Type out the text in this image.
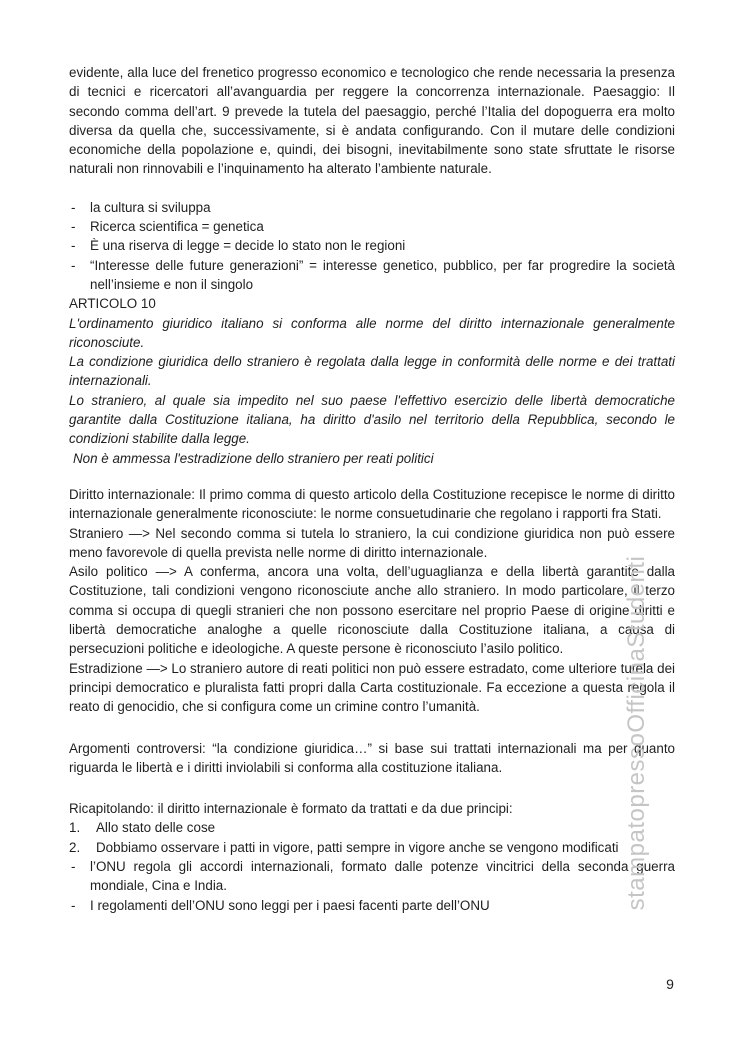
evidente, alla luce del frenetico progresso economico e tecnologico che rende necessaria la presenza di tecnici e ricercatori all’avanguardia per reggere la concorrenza internazionale. Paesaggio: Il secondo comma dell’art. 9 prevede la tutela del paesaggio, perché l’Italia del dopoguerra era molto diversa da quella che, successivamente, si è andata configurando. Con il mutare delle condizioni economiche della popolazione e, quindi, dei bisogni, inevitabilmente sono state sfruttate le risorse naturali non rinnovabili e l’inquinamento ha alterato l’ambiente naturale.

-	la cultura si sviluppa
-	Ricerca scientifica = genetica
-	È una riserva di legge = decide lo stato non le regioni
-	“Interesse delle future generazioni” = interesse genetico, pubblico, per far progredire la società nell’insieme e non il singolo

ARTICOLO 10

L'ordinamento giuridico italiano si conforma alle norme del diritto internazionale generalmente riconosciute.

La condizione giuridica dello straniero è regolata dalla legge in conformità delle norme e dei trattati internazionali.

Lo straniero, al quale sia impedito nel suo paese l'effettivo esercizio delle libertà democratiche garantite dalla Costituzione italiana, ha diritto d'asilo nel territorio della Repubblica, secondo le condizioni stabilite dalla legge.

Non è ammessa l'estradizione dello straniero per reati politici

Diritto internazionale: Il primo comma di questo articolo della Costituzione recepisce le norme di diritto internazionale generalmente riconosciute: le norme consuetudinarie che regolano i rapporti fra Stati.

Straniero —> Nel secondo comma si tutela lo straniero, la cui condizione giuridica non può essere meno favorevole di quella prevista nelle norme di diritto internazionale.

Asilo politico —> A conferma, ancora una volta, dell’uguaglianza e della libertà garantite dalla Costituzione, tali condizioni vengono riconosciute anche allo straniero. In modo particolare, il terzo comma si occupa di quegli stranieri che non possono esercitare nel proprio Paese di origine diritti e libertà democratiche analoghe a quelle riconosciute dalla Costituzione italiana, a causa di persecuzioni politiche e ideologiche. A queste persone è riconosciuto l’asilo politico.

Estradizione —> Lo straniero autore di reati politici non può essere estradato, come ulteriore tutela dei principi democratico e pluralista fatti propri dalla Carta costituzionale. Fa eccezione a questa regola il reato di genocidio, che si configura come un crimine contro l’umanità.

Argomenti controversi: “la condizione giuridica…” si base sui trattati internazionali ma per quanto riguarda le libertà e i diritti inviolabili si conforma alla costituzione italiana.

Ricapitolando: il diritto internazionale è formato da trattati e da due principi:

1.	Allo stato delle cose
2.	Dobbiamo osservare i patti in vigore, patti sempre in vigore anche se vengono modificati
-	l’ONU regola gli accordi internazionali, formato dalle potenze vincitrici della seconda guerra mondiale, Cina e India.
-	I regolamenti dell’ONU sono leggi per i paesi facenti parte dell’ONU	stampatopressoOfficinaStudenti
9
